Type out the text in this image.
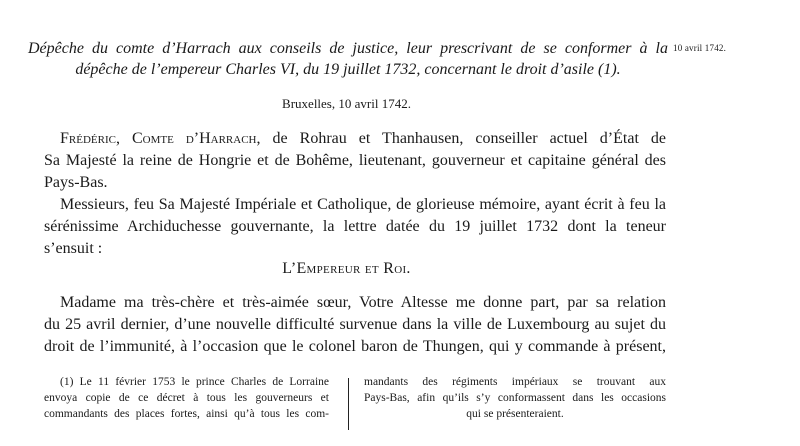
Dépêche du comte d’Harrach aux conseils de justice, leur prescrivant de se conformer à la
dépêche de l’empereur Charles VI, du 19 juillet 1732, concernant le droit d’asile (1).
10 avril 1742.
Bruxelles, 10 avril 1742.
Frédéric, Comte d’Harrach, de Rohrau et Thanhausen, conseiller actuel d’État de
Sa Majesté la reine de Hongrie et de Bohême, lieutenant, gouverneur et capitaine général des
Pays-Bas.
Messieurs, feu Sa Majesté Impériale et Catholique, de glorieuse mémoire, ayant écrit à feu la
sérénissime Archiduchesse gouvernante, la lettre datée du 19 juillet 1732 dont la teneur
s’ensuit :
L’Empereur et Roi.
Madame ma très-chère et très-aimée sœur, Votre Altesse me donne part, par sa relation
du 25 avril dernier, d’une nouvelle difficulté survenue dans la ville de Luxembourg au sujet du
droit de l’immunité, à l’occasion que le colonel baron de Thungen, qui y commande à présent,
(1) Le 11 février 1753 le prince Charles de Lorraine
envoya copie de ce décret à tous les gouverneurs et
commandants des places fortes, ainsi qu’à tous les com-
mandants des régiments impériaux se trouvant aux
Pays-Bas, afin qu’ils s’y conformassent dans les occasions
qui se présenteraient.
